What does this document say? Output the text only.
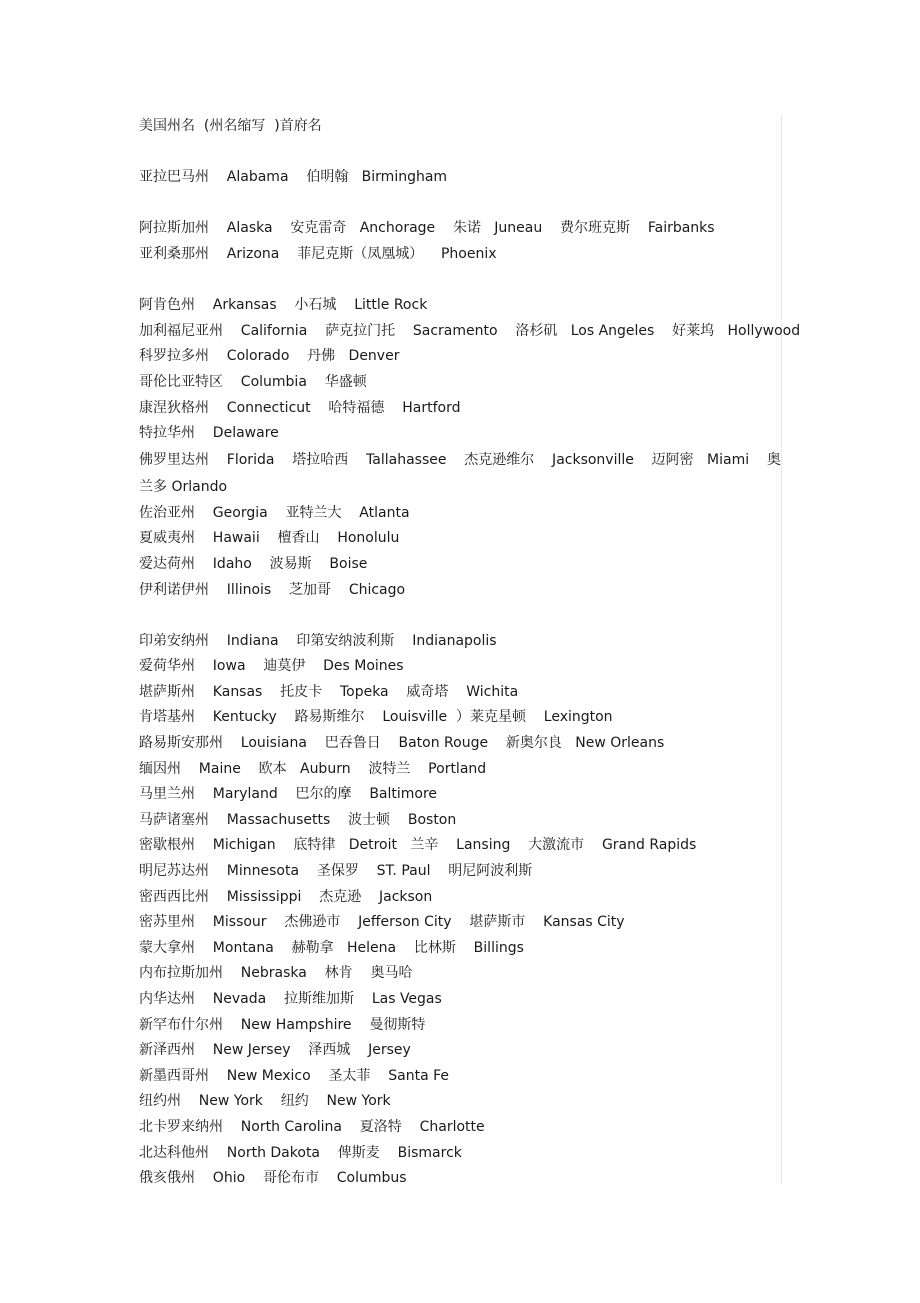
美国州名  (州名缩写  )首府名
亚拉巴马州    Alabama    伯明翰   Birmingham
阿拉斯加州    Alaska    安克雷奇   Anchorage    朱诺   Juneau    费尔班克斯    Fairbanks
亚利桑那州    Arizona    菲尼克斯（凤凰城）    Phoenix
阿肯色州    Arkansas    小石城    Little Rock
加利福尼亚州    California    萨克拉门托    Sacramento    洛杉矶   Los Angeles    好莱坞   Hollywood
科罗拉多州    Colorado    丹佛   Denver
哥伦比亚特区    Columbia    华盛顿
康涅狄格州    Connecticut    哈特福德    Hartford
特拉华州    Delaware
佛罗里达州    Florida    塔拉哈西    Tallahassee    杰克逊维尔    Jacksonville    迈阿密   Miami    奥兰多 Orlando
佐治亚州    Georgia    亚特兰大    Atlanta
夏威夷州    Hawaii    檀香山    Honolulu
爱达荷州    Idaho    波易斯    Boise
伊利诺伊州    Illinois    芝加哥    Chicago
印弟安纳州    Indiana    印第安纳波利斯    Indianapolis
爱荷华州    Iowa    迪莫伊    Des Moines
堪萨斯州    Kansas    托皮卡    Topeka    威奇塔    Wichita
肯塔基州    Kentucky    路易斯维尔    Louisville  ）莱克星顿    Lexington
路易斯安那州    Louisiana    巴吞鲁日    Baton Rouge    新奥尔良   New Orleans
缅因州    Maine    欧本   Auburn    波特兰    Portland
马里兰州    Maryland    巴尔的摩    Baltimore
马萨诸塞州    Massachusetts    波士顿    Boston
密歇根州    Michigan    底特律   Detroit   兰辛    Lansing    大激流市    Grand Rapids
明尼苏达州    Minnesota    圣保罗    ST. Paul    明尼阿波利斯
密西西比州    Mississippi    杰克逊    Jackson
密苏里州    Missour    杰佛逊市    Jefferson City    堪萨斯市    Kansas City
蒙大拿州    Montana    赫勒拿   Helena    比林斯    Billings
内布拉斯加州    Nebraska    林肯    奥马哈
内华达州    Nevada    拉斯维加斯    Las Vegas
新罕布什尔州    New Hampshire    曼彻斯特
新泽西州    New Jersey    泽西城    Jersey
新墨西哥州    New Mexico    圣太菲    Santa Fe
纽约州    New York    纽约    New York
北卡罗来纳州    North Carolina    夏洛特    Charlotte
北达科他州    North Dakota    俾斯麦    Bismarck
俄亥俄州    Ohio    哥伦布市    Columbus
